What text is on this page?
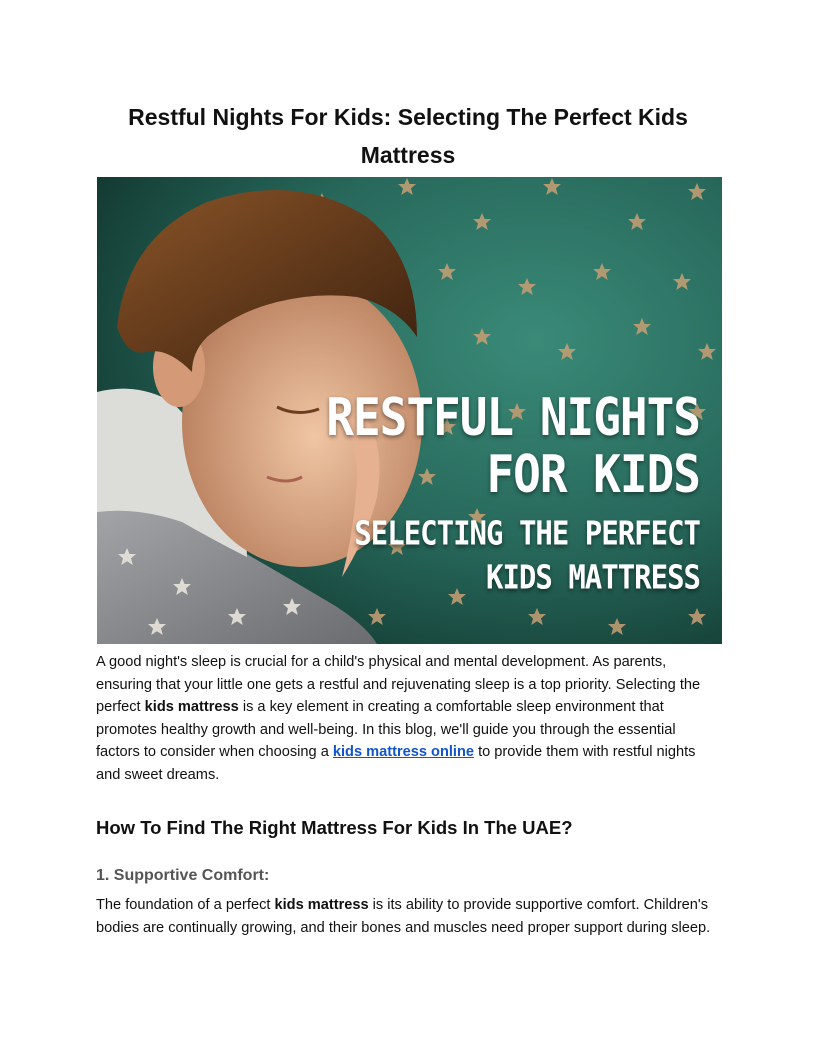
Restful Nights For Kids: Selecting The Perfect Kids
Mattress
RESTFUL NIGHTS
FOR KIDS
SELECTING THE PERFECT
KIDS MATTRESS

A good night's sleep is crucial for a child's physical and mental development. As parents, ensuring that your little one gets a restful and rejuvenating sleep is a top priority. Selecting the perfect kids mattress is a key element in creating a comfortable sleep environment that promotes healthy growth and well-being. In this blog, we'll guide you through the essential factors to consider when choosing a kids mattress online to provide them with restful nights and sweet dreams.

How To Find The Right Mattress For Kids In The UAE?
1. Supportive Comfort:

The foundation of a perfect kids mattress is its ability to provide supportive comfort. Children's bodies are continually growing, and their bones and muscles need proper support during sleep.
